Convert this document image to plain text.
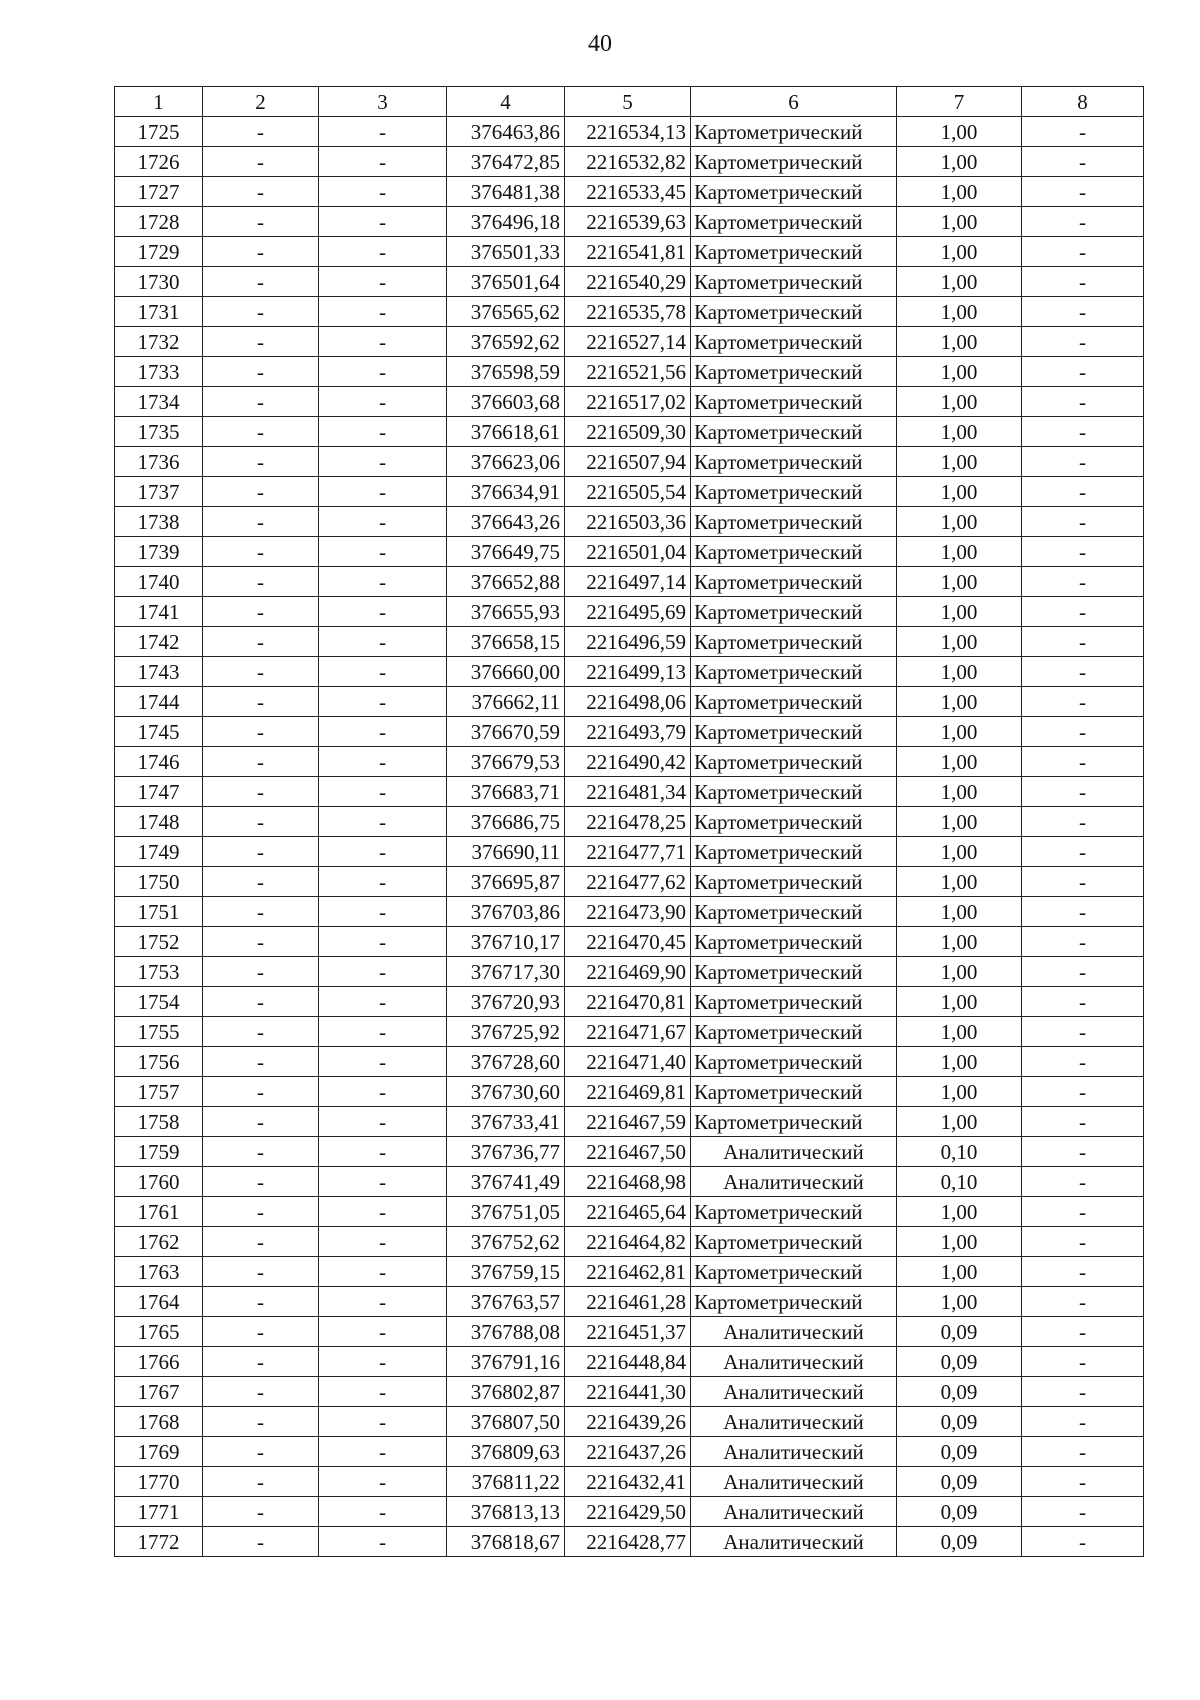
40
1	2	3	4	5	6	7	8
1725	-	-	376463,86	2216534,13	Картометрический	1,00	-
1726	-	-	376472,85	2216532,82	Картометрический	1,00	-
1727	-	-	376481,38	2216533,45	Картометрический	1,00	-
1728	-	-	376496,18	2216539,63	Картометрический	1,00	-
1729	-	-	376501,33	2216541,81	Картометрический	1,00	-
1730	-	-	376501,64	2216540,29	Картометрический	1,00	-
1731	-	-	376565,62	2216535,78	Картометрический	1,00	-
1732	-	-	376592,62	2216527,14	Картометрический	1,00	-
1733	-	-	376598,59	2216521,56	Картометрический	1,00	-
1734	-	-	376603,68	2216517,02	Картометрический	1,00	-
1735	-	-	376618,61	2216509,30	Картометрический	1,00	-
1736	-	-	376623,06	2216507,94	Картометрический	1,00	-
1737	-	-	376634,91	2216505,54	Картометрический	1,00	-
1738	-	-	376643,26	2216503,36	Картометрический	1,00	-
1739	-	-	376649,75	2216501,04	Картометрический	1,00	-
1740	-	-	376652,88	2216497,14	Картометрический	1,00	-
1741	-	-	376655,93	2216495,69	Картометрический	1,00	-
1742	-	-	376658,15	2216496,59	Картометрический	1,00	-
1743	-	-	376660,00	2216499,13	Картометрический	1,00	-
1744	-	-	376662,11	2216498,06	Картометрический	1,00	-
1745	-	-	376670,59	2216493,79	Картометрический	1,00	-
1746	-	-	376679,53	2216490,42	Картометрический	1,00	-
1747	-	-	376683,71	2216481,34	Картометрический	1,00	-
1748	-	-	376686,75	2216478,25	Картометрический	1,00	-
1749	-	-	376690,11	2216477,71	Картометрический	1,00	-
1750	-	-	376695,87	2216477,62	Картометрический	1,00	-
1751	-	-	376703,86	2216473,90	Картометрический	1,00	-
1752	-	-	376710,17	2216470,45	Картометрический	1,00	-
1753	-	-	376717,30	2216469,90	Картометрический	1,00	-
1754	-	-	376720,93	2216470,81	Картометрический	1,00	-
1755	-	-	376725,92	2216471,67	Картометрический	1,00	-
1756	-	-	376728,60	2216471,40	Картометрический	1,00	-
1757	-	-	376730,60	2216469,81	Картометрический	1,00	-
1758	-	-	376733,41	2216467,59	Картометрический	1,00	-
1759	-	-	376736,77	2216467,50	Аналитический	0,10	-
1760	-	-	376741,49	2216468,98	Аналитический	0,10	-
1761	-	-	376751,05	2216465,64	Картометрический	1,00	-
1762	-	-	376752,62	2216464,82	Картометрический	1,00	-
1763	-	-	376759,15	2216462,81	Картометрический	1,00	-
1764	-	-	376763,57	2216461,28	Картометрический	1,00	-
1765	-	-	376788,08	2216451,37	Аналитический	0,09	-
1766	-	-	376791,16	2216448,84	Аналитический	0,09	-
1767	-	-	376802,87	2216441,30	Аналитический	0,09	-
1768	-	-	376807,50	2216439,26	Аналитический	0,09	-
1769	-	-	376809,63	2216437,26	Аналитический	0,09	-
1770	-	-	376811,22	2216432,41	Аналитический	0,09	-
1771	-	-	376813,13	2216429,50	Аналитический	0,09	-
1772	-	-	376818,67	2216428,77	Аналитический	0,09	-
